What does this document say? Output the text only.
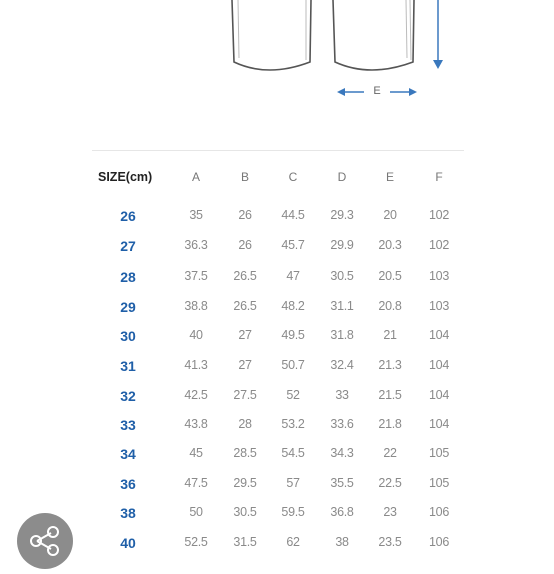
E
SIZE(cm)	A	B	C	D	E	F
26	35	26	44.5	29.3	20	102
27	36.3	26	45.7	29.9	20.3	102
28	37.5	26.5	47	30.5	20.5	103
29	38.8	26.5	48.2	31.1	20.8	103
30	40	27	49.5	31.8	21	104
31	41.3	27	50.7	32.4	21.3	104
32	42.5	27.5	52	33	21.5	104
33	43.8	28	53.2	33.6	21.8	104
34	45	28.5	54.5	34.3	22	105
36	47.5	29.5	57	35.5	22.5	105
38	50	30.5	59.5	36.8	23	106
40	52.5	31.5	62	38	23.5	106
